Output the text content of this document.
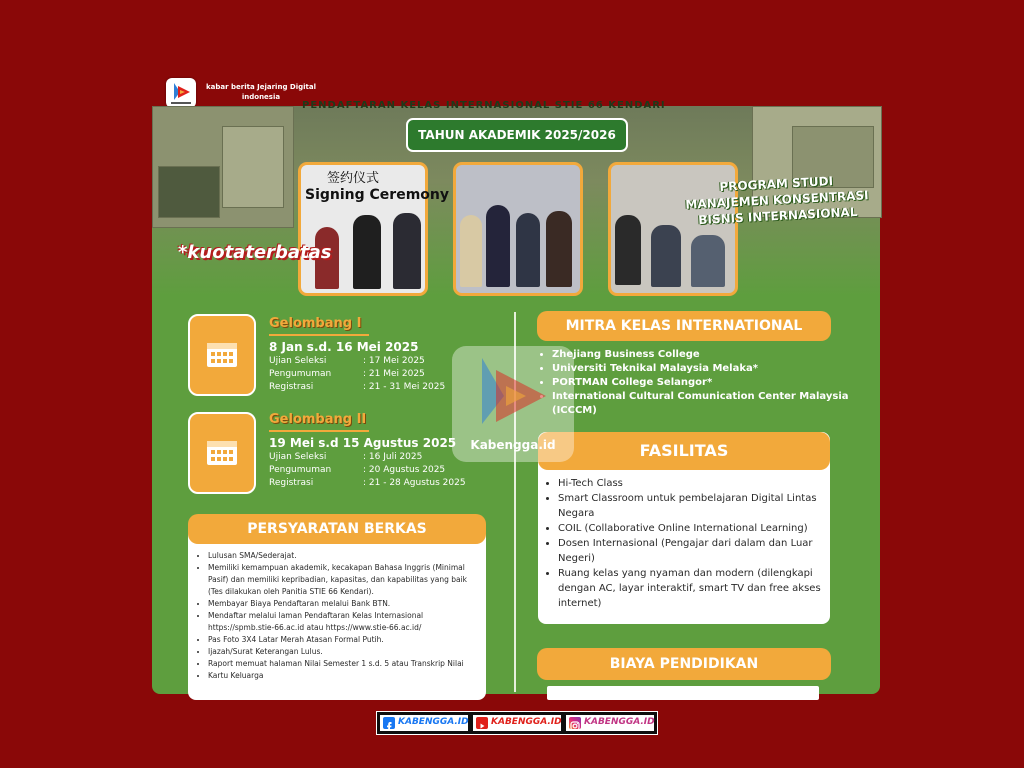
kabar berita Jejaring Digital indonesia
PENDAFTARAN KELAS INTERNASIONAL STIE 66 KENDARI
TAHUN AKADEMIK 2025/2026
签约仪式
Signing Ceremony
*kuotaterbatas
PROGRAM STUDI MANAJEMEN KONSENTRASI BISNIS INTERNASIONAL
Gelombang I
8 Jan s.d. 16 Mei 2025
Ujian Seleksi	: 17 Mei 2025
Pengumuman	: 21 Mei 2025
Registrasi	: 21 - 31 Mei 2025
Gelombang II
19 Mei s.d 15 Agustus 2025
Ujian Seleksi	: 16 Juli 2025
Pengumuman	: 20 Agustus 2025
Registrasi	: 21 - 28 Agustus 2025
• Lulusan SMA/Sederajat.
• Memiliki kemampuan akademik, kecakapan Bahasa Inggris (Minimal Pasif) dan memiliki kepribadian, kapasitas, dan kapabilitas yang baik (Tes dilakukan oleh Panitia STIE 66 Kendari).
• Membayar Biaya Pendaftaran melalui Bank BTN.
• Mendaftar melalui laman Pendaftaran Kelas Internasional https://spmb.stie-66.ac.id atau https://www.stie-66.ac.id/
• Pas Foto 3X4 Latar Merah Atasan Formal Putih.
• Ijazah/Surat Keterangan Lulus.
• Raport memuat halaman Nilai Semester 1 s.d. 5 atau Transkrip Nilai
• Kartu Keluarga
PERSYARATAN BERKAS
MITRA KELAS INTERNATIONAL
• Zhejiang Business College
• Universiti Teknikal Malaysia Melaka*
• PORTMAN College Selangor*
• International Cultural Comunication Center Malaysia (ICCCM)
• Hi-Tech Class
• Smart Classroom untuk pembelajaran Digital Lintas Negara
• COIL (Collaborative Online International Learning)
• Dosen Internasional (Pengajar dari dalam dan Luar Negeri)
• Ruang kelas yang nyaman dan modern (dilengkapi dengan AC, layar interaktif, smart TV dan free akses internet)
FASILITAS
BIAYA PENDIDIKAN
Kabengga.id
KABENGGA.ID KABENGGA.ID KABENGGA.ID
